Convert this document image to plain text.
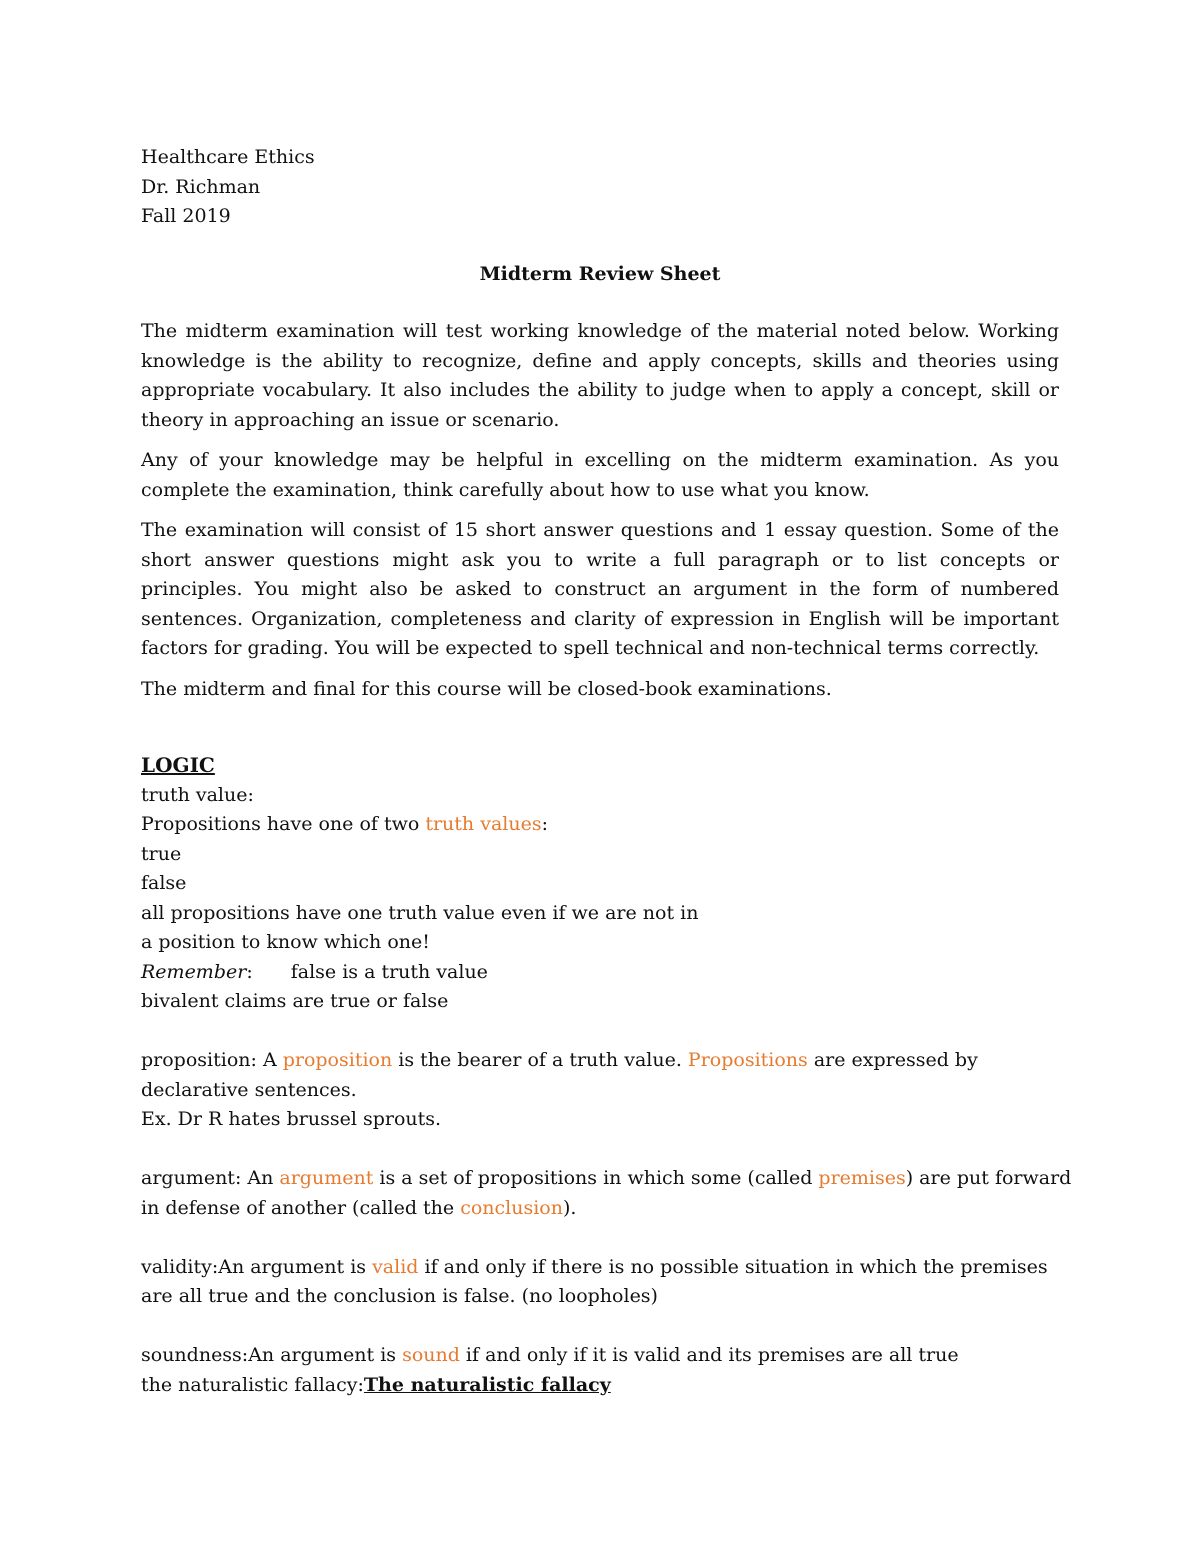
Healthcare Ethics
Dr. Richman
Fall 2019
Midterm Review Sheet

The midterm examination will test working knowledge of the material noted below. Working knowledge is the ability to recognize, define and apply concepts, skills and theories using appropriate vocabulary. It also includes the ability to judge when to apply a concept, skill or theory in approaching an issue or scenario.

Any of your knowledge may be helpful in excelling on the midterm examination. As you complete the examination, think carefully about how to use what you know.

The examination will consist of 15 short answer questions and 1 essay question. Some of the short answer questions might ask you to write a full paragraph or to list concepts or principles. You might also be asked to construct an argument in the form of numbered sentences. Organization, completeness and clarity of expression in English will be important factors for grading. You will be expected to spell technical and non-technical terms correctly.

The midterm and final for this course will be closed-book examinations.

LOGIC
truth value:
Propositions have one of two truth values:
true
false
all propositions have one truth value even if we are not in
a position to know which one!
Remember: false is a truth value
bivalent claims are true or false
proposition: A proposition is the bearer of a truth value. Propositions are expressed by
declarative sentences.
Ex. Dr R hates brussel sprouts.
argument: An argument is a set of propositions in which some (called premises) are put forward
in defense of another (called the conclusion).
validity:An argument is valid if and only if there is no possible situation in which the premises
are all true and the conclusion is false. (no loopholes)
soundness:An argument is sound if and only if it is valid and its premises are all true
the naturalistic fallacy:The naturalistic fallacy
